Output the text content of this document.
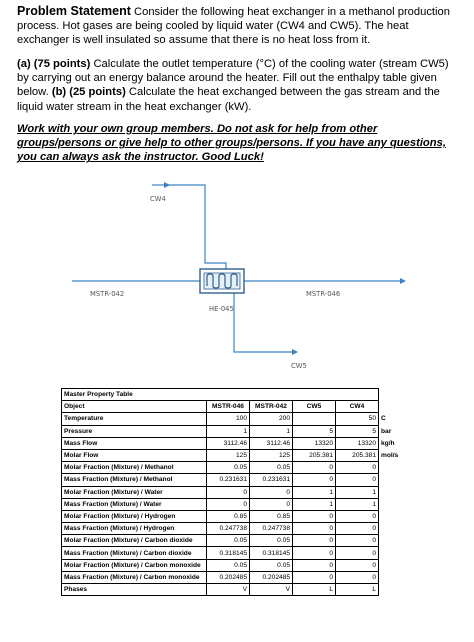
Problem Statement Consider the following heat exchanger in a methanol production process. Hot gases are being cooled by liquid water (CW4 and CW5). The heat exchanger is well insulated so assume that there is no heat loss from it.
(a) (75 points) Calculate the outlet temperature (°C) of the cooling water (stream CW5) by carrying out an energy balance around the heater. Fill out the enthalpy table given below. (b) (25 points) Calculate the heat exchanged between the gas stream and the liquid water stream in the heat exchanger (kW).
Work with your own group members. Do not ask for help from other groups/persons or give help to other groups/persons. If you have any questions, you can always ask the instructor. Good Luck!
CW4
MSTR-042	MSTR-046
HE-045
CW5
Master Property Table					
Object	MSTR-046	MSTR-042	CW5	CW4	
Temperature	100	200		50	C
Pressure	1	1	5	5	bar
Mass Flow	3112.46	3112.46	13320	13320	kg/h
Molar Flow	125	125	205.381	205.381	mol/s
Molar Fraction (Mixture) / Methanol	0.05	0.05	0	0	
Mass Fraction (Mixture) / Methanol	0.231631	0.231631	0	0	
Molar Fraction (Mixture) / Water	0	0	1	1	
Mass Fraction (Mixture) / Water	0	0	1	1	
Molar Fraction (Mixture) / Hydrogen	0.85	0.85	0	0	
Mass Fraction (Mixture) / Hydrogen	0.247738	0.247738	0	0	
Molar Fraction (Mixture) / Carbon dioxide	0.05	0.05	0	0	
Mass Fraction (Mixture) / Carbon dioxide	0.318145	0.318145	0	0	
Molar Fraction (Mixture) / Carbon monoxide	0.05	0.05	0	0	
Mass Fraction (Mixture) / Carbon monoxide	0.202485	0.202485	0	0	
Phases	V	V	L	L	
